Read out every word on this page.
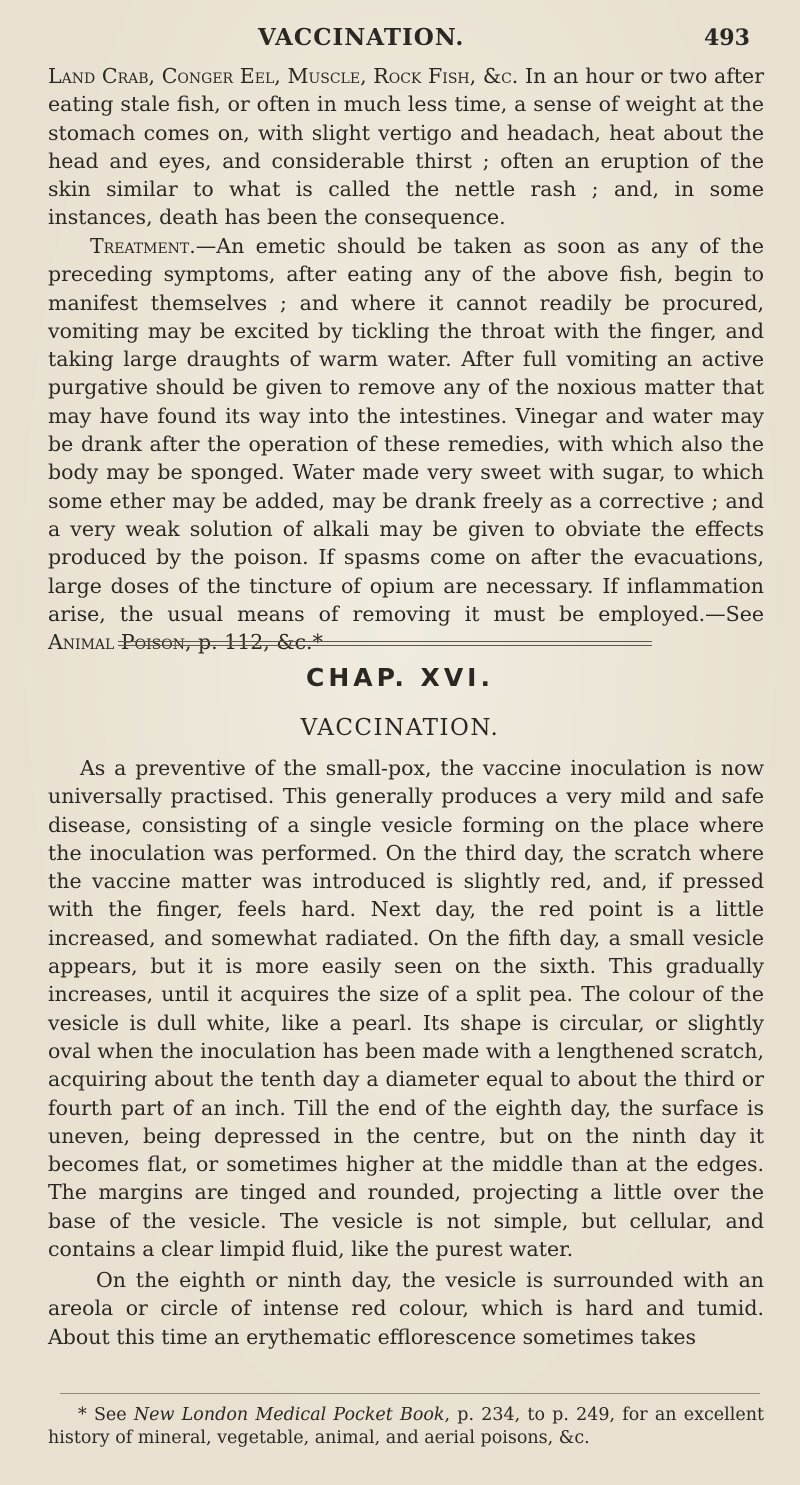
VACCINATION.	493

Land Crab, Conger Eel, Muscle, Rock Fish, &c. In an hour or two after eating stale fish, or often in much less time, a sense of weight at the stomach comes on, with slight vertigo and headach, heat about the head and eyes, and considerable thirst ; often an eruption of the skin similar to what is called the nettle rash ; and, in some instances, death has been the consequence.

Treatment.—An emetic should be taken as soon as any of the preceding symptoms, after eating any of the above fish, begin to manifest themselves ; and where it cannot readily be procured, vomiting may be excited by tickling the throat with the finger, and taking large draughts of warm water. After full vomiting an active purgative should be given to remove any of the noxious matter that may have found its way into the intestines. Vinegar and water may be drank after the operation of these remedies, with which also the body may be sponged. Water made very sweet with sugar, to which some ether may be added, may be drank freely as a corrective ; and a very weak solution of alkali may be given to obviate the effects produced by the poison. If spasms come on after the evacuations, large doses of the tincture of opium are necessary. If inflammation arise, the usual means of removing it must be employed.—See Animal Poison, p. 112, &c.*

CHAP. XVI.
VACCINATION.

As a preventive of the small-pox, the vaccine inoculation is now universally practised. This generally produces a very mild and safe disease, consisting of a single vesicle forming on the place where the inoculation was performed. On the third day, the scratch where the vaccine matter was introduced is slightly red, and, if pressed with the finger, feels hard. Next day, the red point is a little increased, and somewhat radiated. On the fifth day, a small vesicle appears, but it is more easily seen on the sixth. This gradually increases, until it acquires the size of a split pea. The colour of the vesicle is dull white, like a pearl. Its shape is circular, or slightly oval when the inoculation has been made with a lengthened scratch, acquiring about the tenth day a diameter equal to about the third or fourth part of an inch. Till the end of the eighth day, the surface is uneven, being depressed in the centre, but on the ninth day it becomes flat, or sometimes higher at the middle than at the edges. The margins are tinged and rounded, projecting a little over the base of the vesicle. The vesicle is not simple, but cellular, and contains a clear limpid fluid, like the purest water.

On the eighth or ninth day, the vesicle is surrounded with an areola or circle of intense red colour, which is hard and tumid. About this time an erythematic efflorescence sometimes takes

* See New London Medical Pocket Book, p. 234, to p. 249, for an excellent history of mineral, vegetable, animal, and aerial poisons, &c.
